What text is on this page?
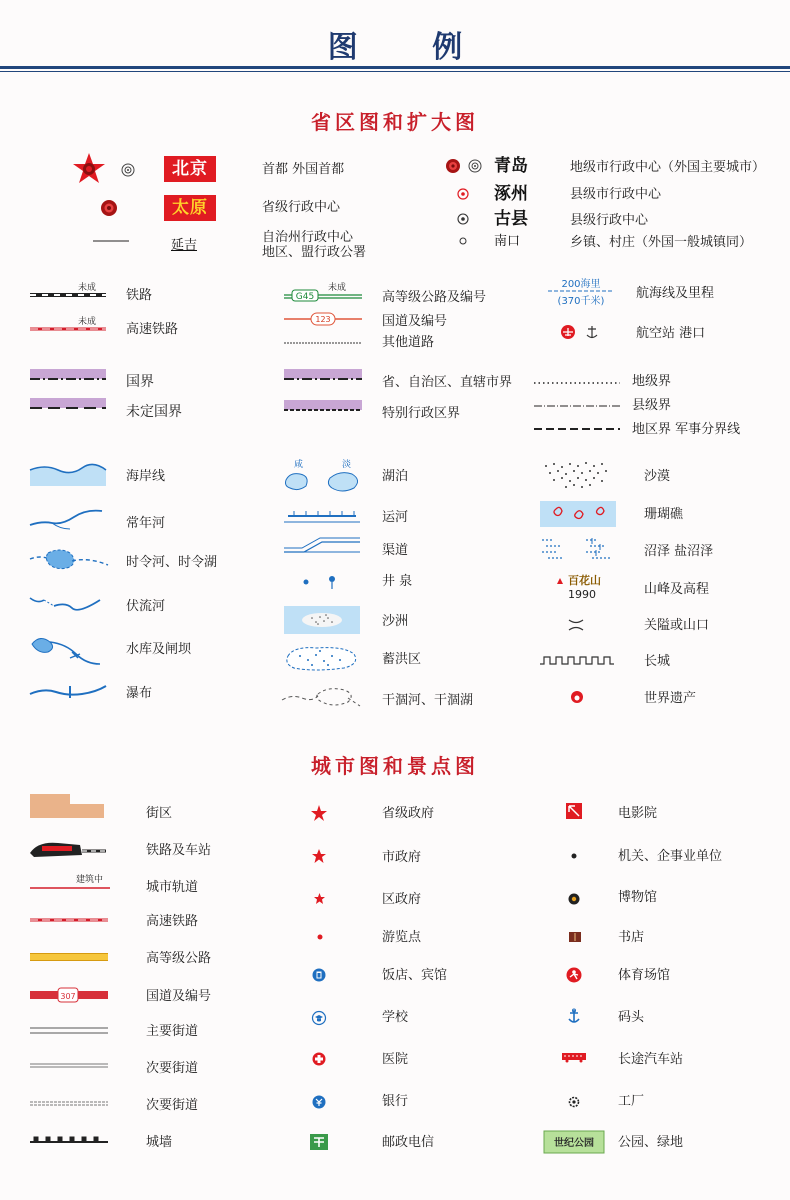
图 例
省区图和扩大图
北京	首都 外国首都
太原	省级行政中心
延吉
自治州行政中心
地区、盟行政公署
青岛	地级市行政中心（外国主要城市）
涿州	县级市行政中心
古县	县级行政中心
南口	乡镇、村庄（外国一般城镇同）
未成 铁路
未成 高速铁路
国界
未定国界
海岸线
常年河
时令河、时令湖
伏流河
水库及闸坝
瀑布
未成
G45	高等级公路及编号
123	国道及编号
其他道路
省、自治区、直辖市界
特别行政区界
咸	淡
湖泊
运河
渠道
井 泉
沙洲
蓄洪区
干涸河、干涸湖
200海里
(370千米)
航海线及里程
航空站 港口
地级界
县级界
地区界 军事分界线
沙漠
珊瑚礁
沼泽 盐沼泽
百花山
1990	山峰及高程
关隘或山口
长城
世界遗产
城市图和景点图
街区
铁路及车站
建筑中	城市轨道
高速铁路
高等级公路
307	国道及编号
主要街道
次要街道
次要街道
城墙
省级政府
市政府
区政府
游览点
饭店、宾馆
学校
医院
银行
邮政电信
电影院
机关、企事业单位
博物馆
书店
体育场馆
码头
长途汽车站
工厂
世纪公园 公园、绿地
